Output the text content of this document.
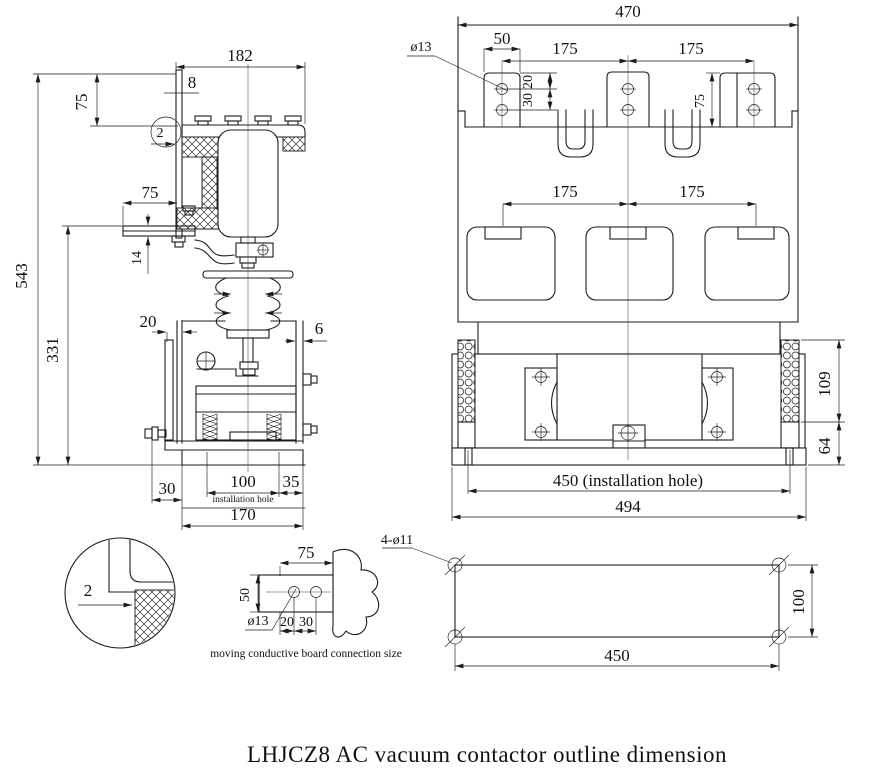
2
182
8
75
543
331
75
14
20	6
30	100
installation hole
35
170
470
50
ø13	175	175
20
30	75
175	175
109
64
450 (installation hole)
494
2
75
50
ø13 20 30
moving conductive board connection size
4-ø11
100
450
LHJCZ8 AC vacuum contactor outline dimension
